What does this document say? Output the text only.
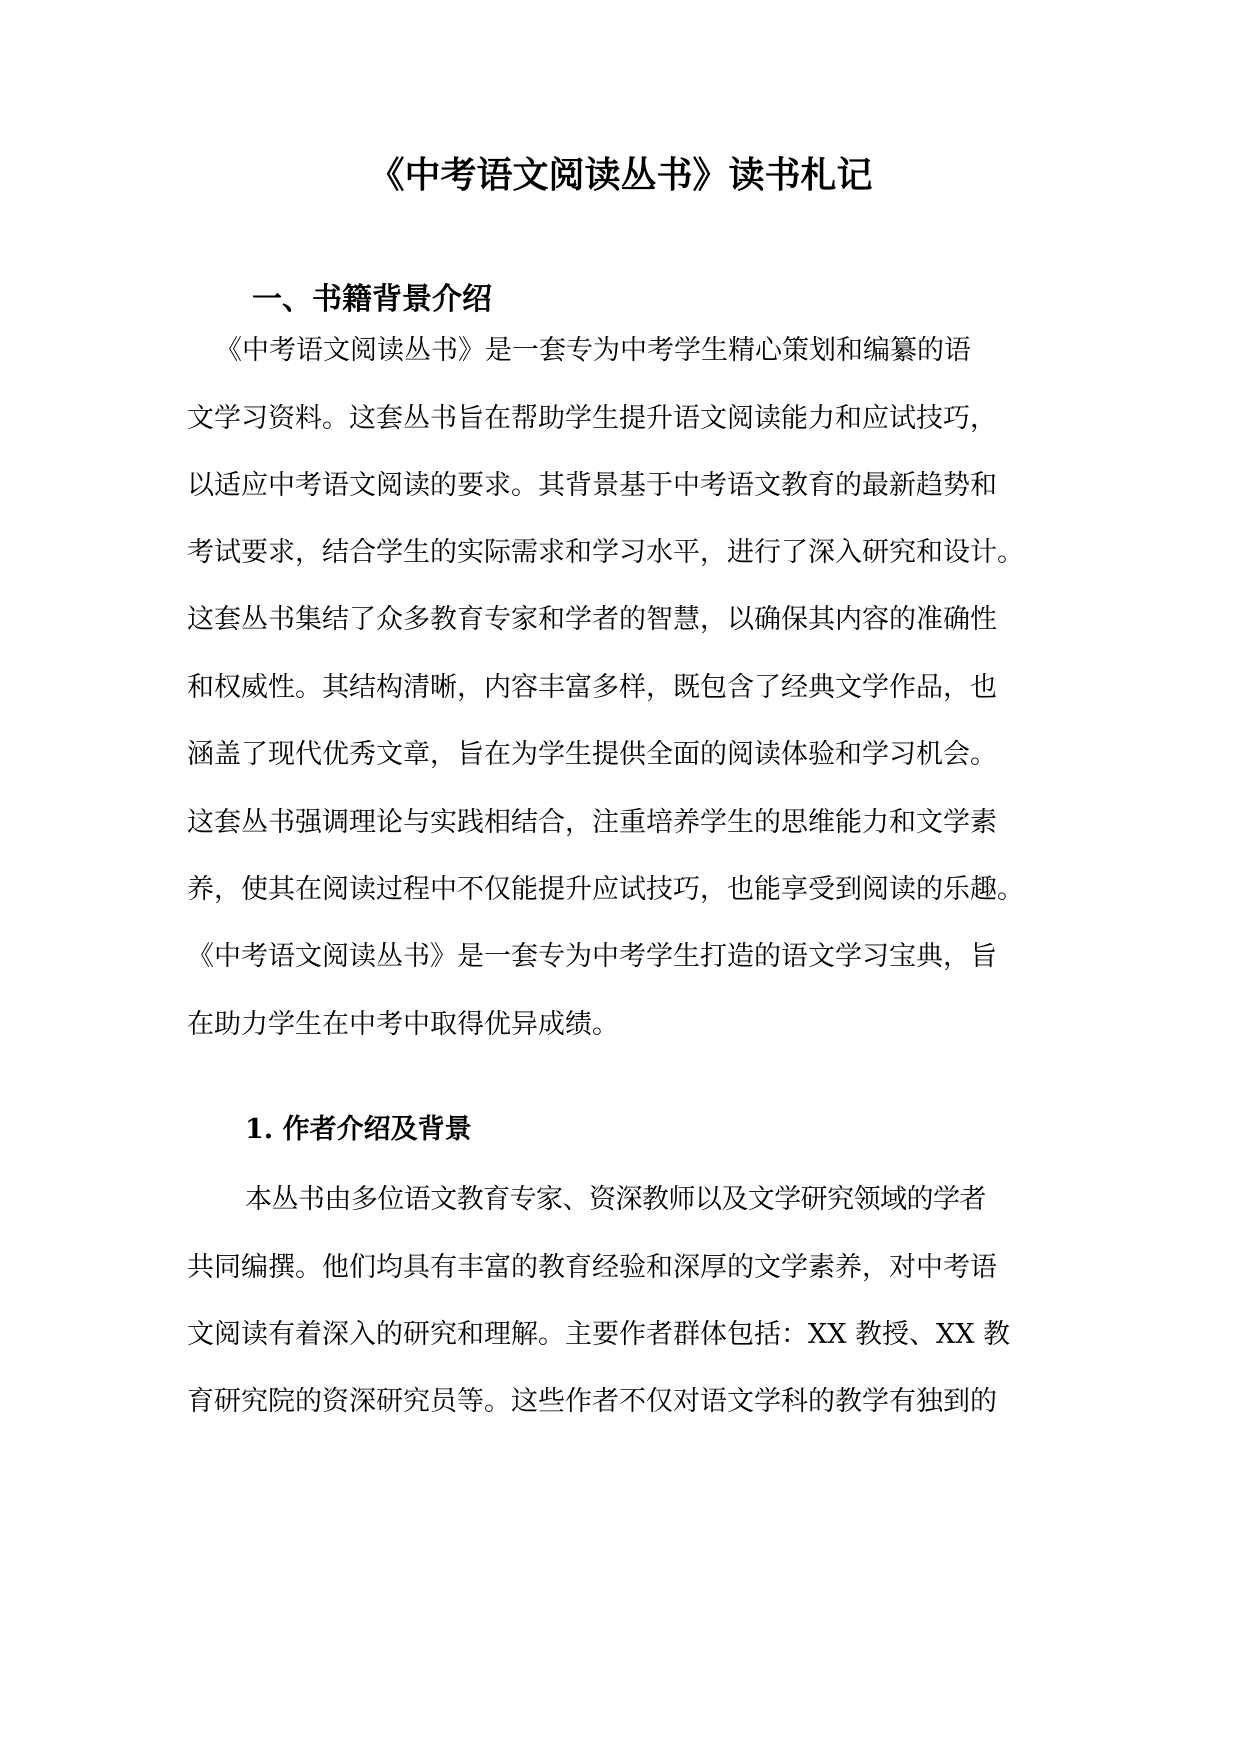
《中考语文阅读丛书》读书札记
一、书籍背景介绍

《中考语文阅读丛书》是一套专为中考学生精心策划和编纂的语

文学习资料。这套丛书旨在帮助学生提升语文阅读能力和应试技巧，

以适应中考语文阅读的要求。其背景基于中考语文教育的最新趋势和

考试要求，结合学生的实际需求和学习水平，进行了深入研究和设计。

这套丛书集结了众多教育专家和学者的智慧，以确保其内容的准确性

和权威性。其结构清晰，内容丰富多样，既包含了经典文学作品，也

涵盖了现代优秀文章，旨在为学生提供全面的阅读体验和学习机会。

这套丛书强调理论与实践相结合，注重培养学生的思维能力和文学素

养，使其在阅读过程中不仅能提升应试技巧，也能享受到阅读的乐趣。

《中考语文阅读丛书》是一套专为中考学生打造的语文学习宝典，旨

在助力学生在中考中取得优异成绩。

1. 作者介绍及背景

本丛书由多位语文教育专家、资深教师以及文学研究领域的学者

共同编撰。他们均具有丰富的教育经验和深厚的文学素养，对中考语

文阅读有着深入的研究和理解。主要作者群体包括：XX 教授、XX 教

育研究院的资深研究员等。这些作者不仅对语文学科的教学有独到的
